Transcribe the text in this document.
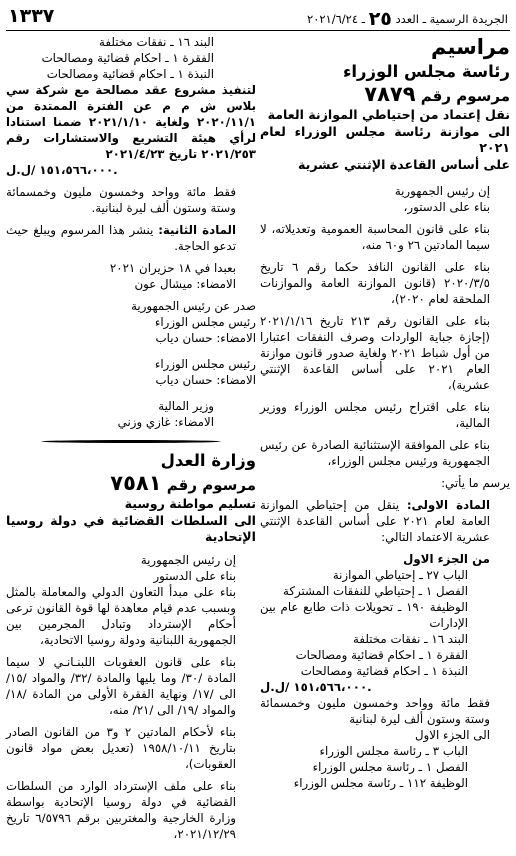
الجريدة الرسمية ـ العدد ٢٥ ـ ٢٠٢١/٦/٢٤
١٣٣٧

مراسيم

رئاسة مجلس الوزراء

مرسوم رقم ٧٨٧٩

نقل إعتماد من إحتياطي الموازنة العامة

الى موازنة رئاسة مجلس الوزراء لعام ٢٠٢١

على أساس القاعدة الإثنتي عشرية

إن رئيس الجمهورية

بناء على الدستور،

بناء على قانون المحاسبة العمومية وتعديلاته، لا سيما المادتين ٢٦ و٦٠ منه،

بناء على القانون النافذ حكما رقم ٦ تاريخ ٢٠٢٠/٣/٥ (قانون الموازنة العامة والموازنات الملحقة لعام ٢٠٢٠)،

بناء على القانون رقم ٢١٣ تاريخ ٢٠٢١/١/١٦ (إجازة جباية الواردات وصرف النفقات اعتبارا من أول شباط ٢٠٢١ ولغاية صدور قانون موازنة العام ٢٠٢١ على أساس القاعدة الإثنتي عشرية)،

بناء على اقتراح رئيس مجلس الوزراء ووزير المالية،

بناء على الموافقة الإستثنائية الصادرة عن رئيس الجمهورية ورئيس مجلس الوزراء،

يرسم ما يأتي:

المادة الاولى: ينقل من إحتياطي الموازنة العامة لعام ٢٠٢١ على أساس القاعدة الإثنتي عشرية الاعتماد التالي:

من الجزء الاول

الباب ٢٧ ـ إحتياطي الموازنة

الفصل ١ ـ إحتياطي للنفقات المشتركة

الوظيفة ١٩٠ ـ تحويلات ذات طابع عام بين الإدارات

البند ١٦ ـ نفقات مختلفة

الفقرة ١ ـ احكام قضائية ومصالحات

النبذة ١ ـ احكام قضائية ومصالحات

١٥١،٥٦٦،٠٠٠ /ل.ل.

فقط مائة وواحد وخمسون مليون وخمسمائة وستة وستون ألف ليرة لبنانية

الى الجزء الاول

الباب ٣ ـ رئاسة مجلس الوزراء

الفصل ١ ـ رئاسة مجلس الوزراء

الوظيفة ١١٢ ـ رئاسة مجلس الوزراء

البند ١٦ ـ نفقات مختلفة

الفقرة ١ ـ احكام قضائية ومصالحات

النبذة ١ ـ احكام قضائية ومصالحات

لتنفيذ مشروع عقد مصالحة مع شركة سي بلاس ش م م عن الفترة الممتدة من ٢٠٢٠/١١/١ ولغاية ٢٠٢١/١/١٠ ضمنا استنادا لرأي هيئة التشريع والاستشارات رقم ٢٠٢١/٢٥٣ تاريخ ٢٠٢١/٤/٢٣

١٥١،٥٦٦،٠٠٠ /ل.ل.

فقط مائة وواحد وخمسون مليون وخمسمائة وستة وستون ألف ليرة لبنانية.

المادة الثانية: ينشر هذا المرسوم ويبلغ حيث تدعو الحاجة.

بعبدا في ١٨ حزيران ٢٠٢١

الامضاء: ميشال عون

صدر عن رئيس الجمهورية

رئيس مجلس الوزراء

الامضاء: حسان دياب

رئيس مجلس الوزراء

الامضاء: حسان دياب

وزير المالية

الامضاء: غازي وزني

وزارة العدل

مرسوم رقم ٧٥٨١

تسليم مواطنة روسية

الى السلطات القضائية في دولة روسيا الإتحادية

إن رئيس الجمهورية

بناء على الدستور

بناء على مبدأ التعاون الدولي والمعاملة بالمثل وبسبب عدم قيام معاهدة لها قوة القانون ترعى أحكام الإسترداد وتبادل المجرمين بين الجمهورية اللبنانية ودولة روسيا الاتحادية،

بناء على قانون العقوبات اللبنـانـي لا سيما المادة /٣٠/ وما يليها والمادة /٣٢/ والمواد /١٥/ الى /١٧/ ونهاية الفقرة الأولى من المادة /١٨/ والمواد /١٩/ الى /٢١/ منه،

بناء لأحكام المادتين ٢ و٣ من القانون الصادر بتاريخ ١٩٥٨/١٠/١١ (تعديل بعض مواد قانون العقوبات)،

بناء على ملف الإسترداد الوارد من السلطات القضائية في دولة روسيا الإتحادية بواسطة وزارة الخارجية والمغتربين برقم ٦/٥٧٩٦ تاريخ ٢٠٢١/١٢/٢٩،
